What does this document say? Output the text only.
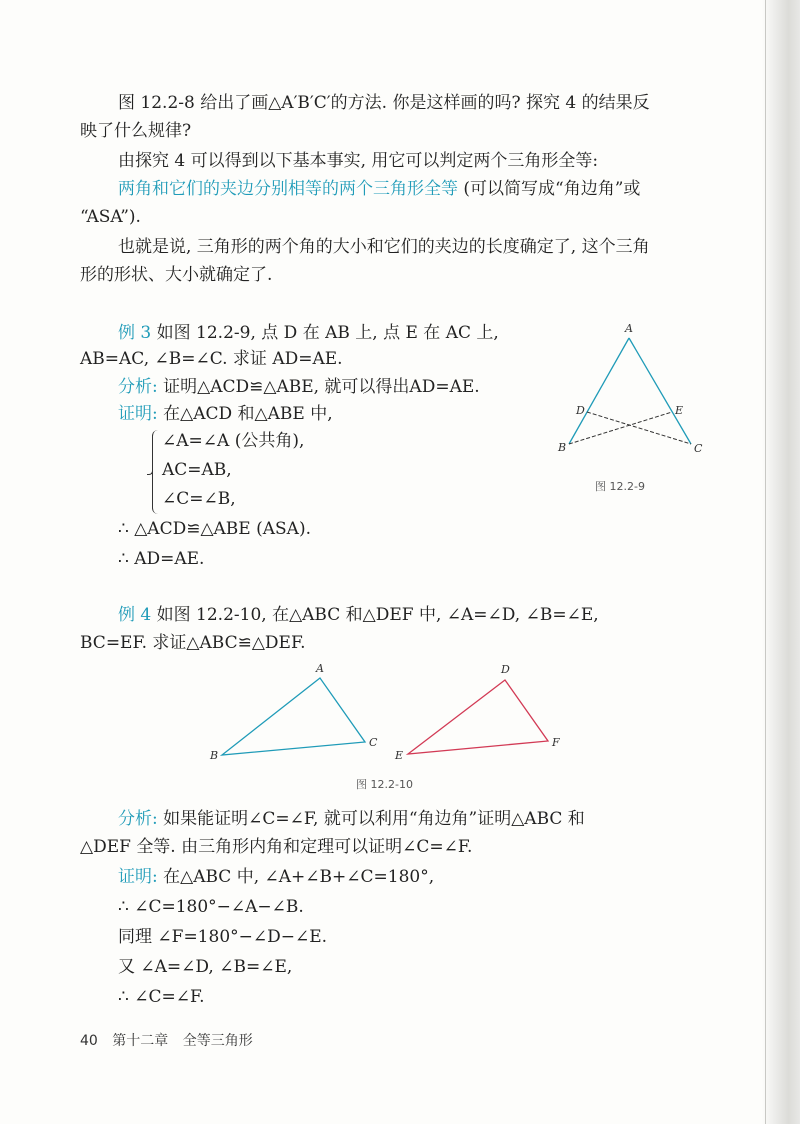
图 12.2-8 给出了画△A′B′C′的方法. 你是这样画的吗? 探究 4 的结果反
映了什么规律?
由探究 4 可以得到以下基本事实, 用它可以判定两个三角形全等:
两角和它们的夹边分别相等的两个三角形全等 (可以简写成“角边角”或
“ASA”).
也就是说, 三角形的两个角的大小和它们的夹边的长度确定了, 这个三角
形的形状、大小就确定了.
例 3 如图 12.2-9, 点 D 在 AB 上, 点 E 在 AC 上,
AB=AC, ∠B=∠C. 求证 AD=AE.
分析: 证明△ACD≌△ABE, 就可以得出AD=AE.
证明: 在△ACD 和△ABE 中,
∠A=∠A (公共角),
AC=AB,
∠C=∠B,
∴ △ACD≌△ABE (ASA).
∴ AD=AE.
A
B	C
D	E
图 12.2-9
例 4 如图 12.2-10, 在△ABC 和△DEF 中, ∠A=∠D, ∠B=∠E,
BC=EF. 求证△ABC≌△DEF.
A
B
C
D
E
F
图 12.2-10
分析: 如果能证明∠C=∠F, 就可以利用“角边角”证明△ABC 和
△DEF 全等. 由三角形内角和定理可以证明∠C=∠F.
证明: 在△ABC 中, ∠A+∠B+∠C=180°,
∴ ∠C=180°−∠A−∠B.
同理 ∠F=180°−∠D−∠E.
又 ∠A=∠D, ∠B=∠E,
∴ ∠C=∠F.
40 第十二章 全等三角形
